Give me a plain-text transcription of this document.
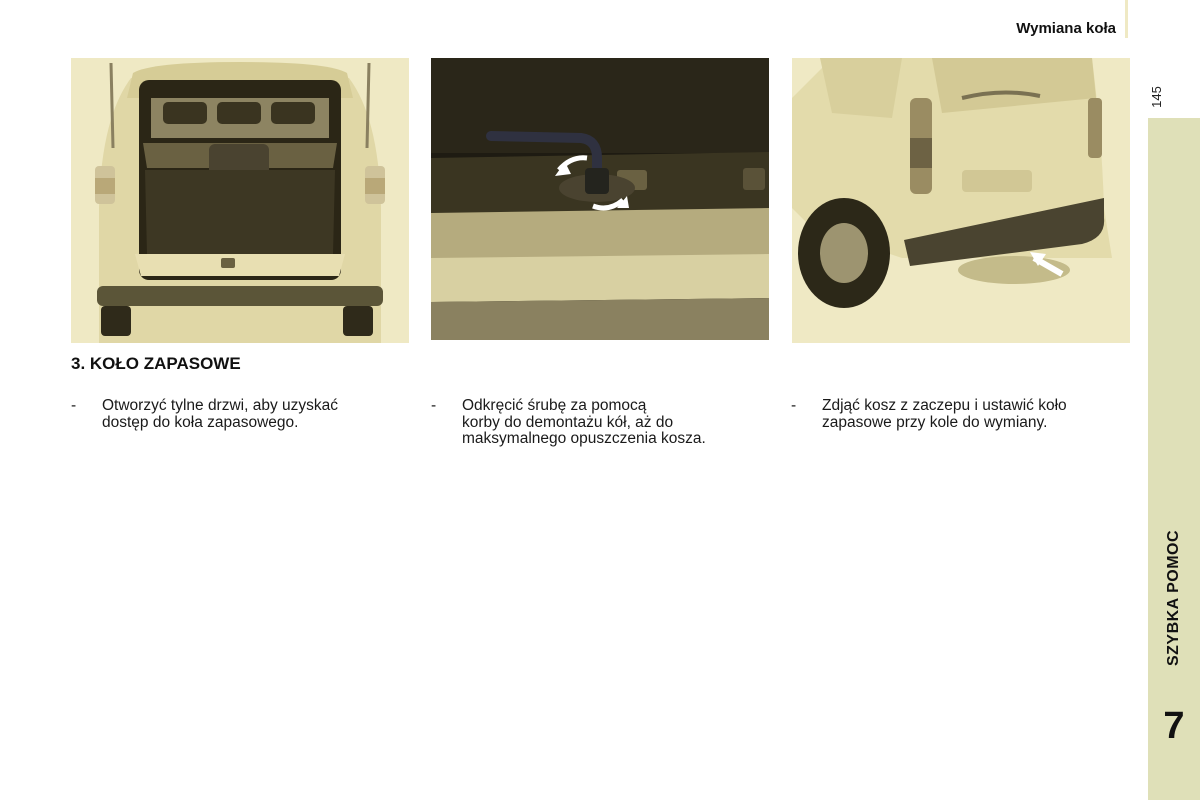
Wymiana koła
145
SZYBKA POMOC
7
3. KOŁO ZAPASOWE
- Otworzyć tylne drzwi, aby uzyskać
dostęp do koła zapasowego.
- Odkręcić śrubę za pomocą
korby do demontażu kół, aż do
maksymalnego opuszczenia kosza.
- Zdjąć kosz z zaczepu i ustawić koło
zapasowe przy kole do wymiany.
